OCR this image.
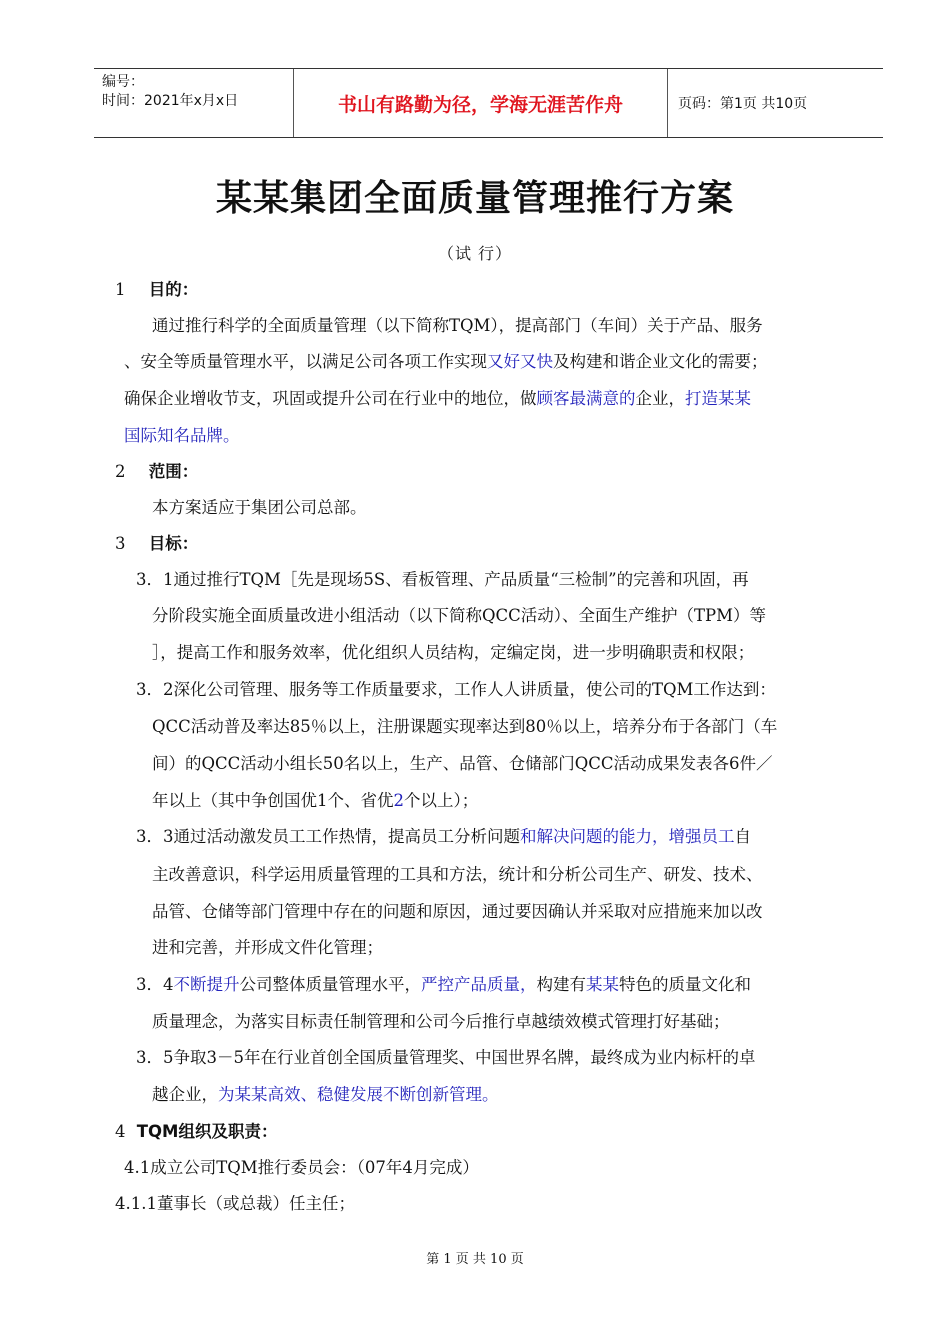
编号：
时间：2021年x月x日	书山有路勤为径，学海无涯苦作舟	页码：第1页 共10页
某某集团全面质量管理推行方案
（试 行）
1 目的：
通过推行科学的全面质量管理（以下简称TQM），提高部门（车间）关于产品、服务
、安全等质量管理水平，以满足公司各项工作实现又好又快及构建和谐企业文化的需要；
确保企业增收节支，巩固或提升公司在行业中的地位，做顾客最满意的企业，打造某某
国际知名品牌。
2 范围：
本方案适应于集团公司总部。
3 目标：
3．1通过推行TQM［先是现场5S、看板管理、产品质量“三检制”的完善和巩固，再
分阶段实施全面质量改进小组活动（以下简称QCC活动）、全面生产维护（TPM）等
］，提高工作和服务效率，优化组织人员结构，定编定岗，进一步明确职责和权限；
3．2深化公司管理、服务等工作质量要求，工作人人讲质量，使公司的TQM工作达到：
QCC活动普及率达85％以上，注册课题实现率达到80％以上，培养分布于各部门（车
间）的QCC活动小组长50名以上，生产、品管、仓储部门QCC活动成果发表各6件／
年以上（其中争创国优1个、省优2个以上）；
3．3通过活动激发员工工作热情，提高员工分析问题和解决问题的能力，增强员工自
主改善意识，科学运用质量管理的工具和方法，统计和分析公司生产、研发、技术、
品管、仓储等部门管理中存在的问题和原因，通过要因确认并采取对应措施来加以改
进和完善，并形成文件化管理；
3．4不断提升公司整体质量管理水平，严控产品质量，构建有某某特色的质量文化和
质量理念，为落实目标责任制管理和公司今后推行卓越绩效模式管理打好基础；
3．5争取3－5年在行业首创全国质量管理奖、中国世界名牌，最终成为业内标杆的卓
越企业，为某某高效、稳健发展不断创新管理。
4 TQM组织及职责：
4.1成立公司TQM推行委员会：（07年4月完成）
4.1.1董事长（或总裁）任主任；
第 1 页 共 10 页
